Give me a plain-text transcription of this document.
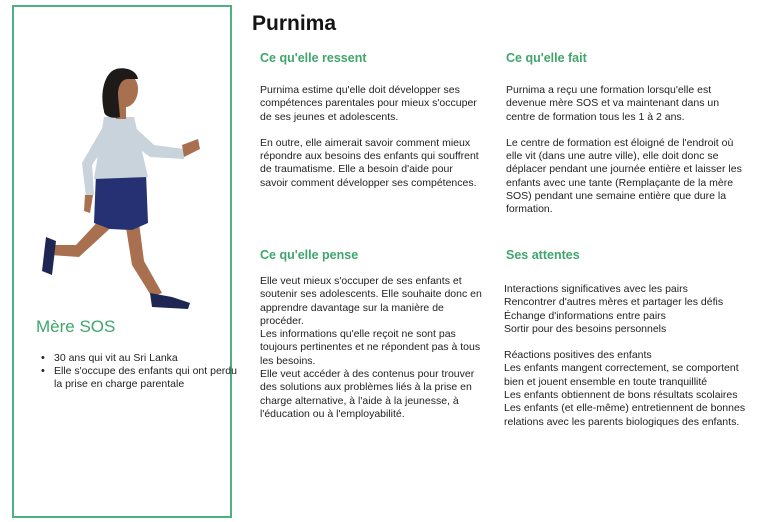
Mère SOS
• 30 ans qui vit au Sri Lanka
• Elle s'occupe des enfants qui ont perdu la prise en charge parentale
Purnima
Ce qu'elle ressent

Purnima estime qu'elle doit développer ses compétences parentales pour mieux s'occuper de ses jeunes et adolescents.

En outre, elle aimerait savoir comment mieux répondre aux besoins des enfants qui souffrent de traumatisme. Elle a besoin d'aide pour savoir comment développer ses compétences.

Ce qu'elle fait

Purnima a reçu une formation lorsqu'elle est devenue mère SOS et va maintenant dans un centre de formation tous les 1 à 2 ans.

Le centre de formation est éloigné de l'endroit où elle vit (dans une autre ville), elle doit donc se déplacer pendant une journée entière et laisser les enfants avec une tante (Remplaçante de la mère SOS) pendant une semaine entière que dure la formation.

Ce qu'elle pense

Elle veut mieux s'occuper de ses enfants et soutenir ses adolescents. Elle souhaite donc en apprendre davantage sur la manière de procéder.

Les informations qu'elle reçoit ne sont pas toujours pertinentes et ne répondent pas à tous les besoins.

Elle veut accéder à des contenus pour trouver des solutions aux problèmes liés à la prise en charge alternative, à l'aide à la jeunesse, à l'éducation ou à l'employabilité.

Ses attentes

Interactions significatives avec les pairs

Rencontrer d'autres mères et partager les défis

Échange d'informations entre pairs

Sortir pour des besoins personnels

Réactions positives des enfants

Les enfants mangent correctement, se comportent bien et jouent ensemble en toute tranquillité

Les enfants obtiennent de bons résultats scolaires

Les enfants (et elle-même) entretiennent de bonnes relations avec les parents biologiques des enfants.
